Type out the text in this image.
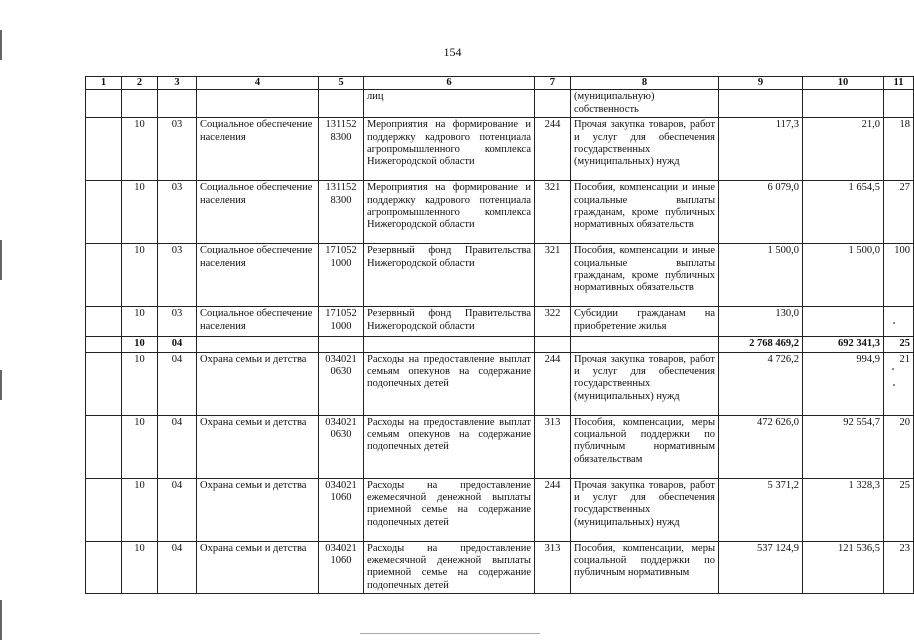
154
1	2	3	4	5	6	7	8	9	10	11
					лиц		(муниципальную) собственность			
	10	03	Социальное обеспечение населения	131152 8300	Мероприятия на формирование и поддержку кадрового потенциала агропромышленного комплекса Нижегородской области	244	Прочая закупка товаров, работ и услуг для обеспечения государственных (муниципальных) нужд	117,3	21,0	18
	10	03	Социальное обеспечение населения	131152 8300	Мероприятия на формирование и поддержку кадрового потенциала агропромышленного комплекса Нижегородской области	321	Пособия, компенсации и иные социальные выплаты гражданам, кроме публичных нормативных обязательств	6 079,0	1 654,5	27
	10	03	Социальное обеспечение населения	171052 1000	Резервный фонд Правительства Нижегородской области	321	Пособия, компенсации и иные социальные выплаты гражданам, кроме публичных нормативных обязательств	1 500,0	1 500,0	100
	10	03	Социальное обеспечение населения	171052 1000	Резервный фонд Правительства Нижегородской области	322	Субсидии гражданам на приобретение жилья	130,0		
	10	04						2 768 469,2	692 341,3	25
	10	04	Охрана семьи и детства	034021 0630	Расходы на предоставление выплат семьям опекунов на содержание подопечных детей	244	Прочая закупка товаров, работ и услуг для обеспечения государственных (муниципальных) нужд	4 726,2	994,9	21
	10	04	Охрана семьи и детства	034021 0630	Расходы на предоставление выплат семьям опекунов на содержание подопечных детей	313	Пособия, компенсации, меры социальной поддержки по публичным нормативным обязательствам	472 626,0	92 554,7	20
	10	04	Охрана семьи и детства	034021 1060	Расходы на предоставление ежемесячной денежной выплаты приемной семье на содержание подопечных детей	244	Прочая закупка товаров, работ и услуг для обеспечения государственных (муниципальных) нужд	5 371,2	1 328,3	25
	10	04	Охрана семьи и детства	034021 1060	Расходы на предоставление ежемесячной денежной выплаты приемной семье на содержание подопечных детей	313	Пособия, компенсации, меры социальной поддержки по публичным нормативным	537 124,9	121 536,5	23
